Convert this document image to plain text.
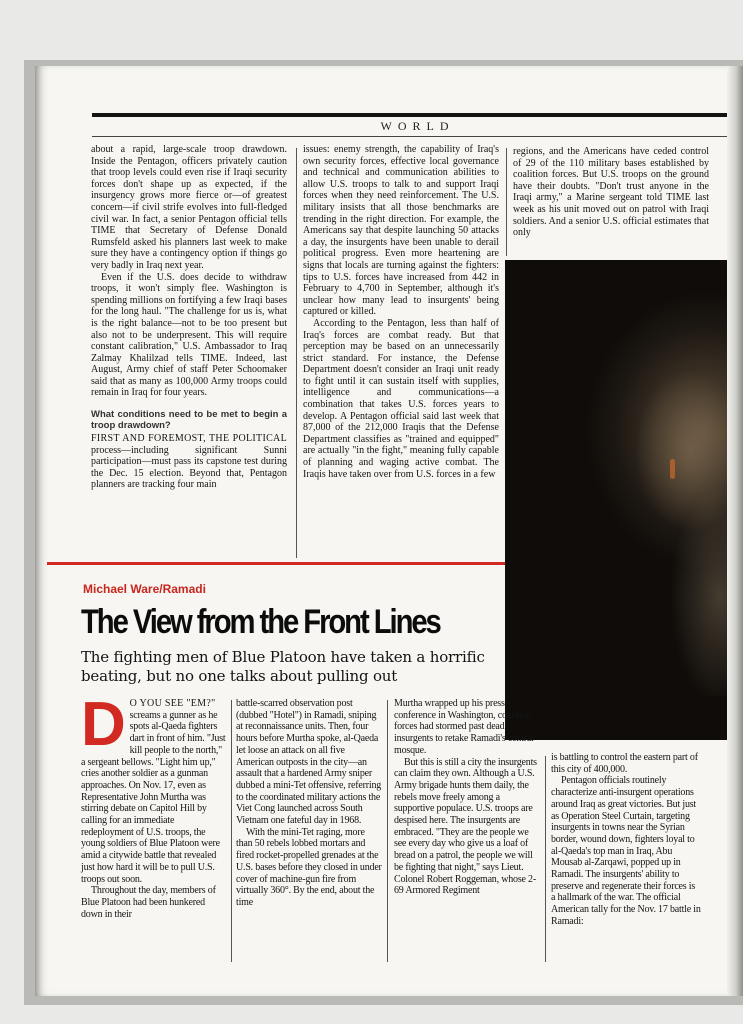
WORLD

about a rapid, large-scale troop drawdown. Inside the Pentagon, officers privately caution that troop levels could even rise if Iraqi security forces don't shape up as expected, if the insurgency grows more fierce or—of greatest concern—if civil strife evolves into full-fledged civil war. In fact, a senior Pentagon official tells TIME that Secretary of Defense Donald Rumsfeld asked his planners last week to make sure they have a contingency option if things go very badly in Iraq next year.

Even if the U.S. does decide to withdraw troops, it won't simply flee. Washington is spending millions on fortifying a few Iraqi bases for the long haul. "The challenge for us is, what is the right balance—not to be too present but also not to be underpresent. This will require constant calibration," U.S. Ambassador to Iraq Zalmay Khalilzad tells TIME. Indeed, last August, Army chief of staff Peter Schoomaker said that as many as 100,000 Army troops could remain in Iraq for four years.

What conditions need to be met to begin a troop drawdown?

FIRST AND FOREMOST, THE POLITICAL process—including significant Sunni participation—must pass its capstone test during the Dec. 15 election. Beyond that, Pentagon planners are tracking four main

issues: enemy strength, the capability of Iraq's own security forces, effective local governance and technical and communication abilities to allow U.S. troops to talk to and support Iraqi forces when they need reinforcement. The U.S. military insists that all those benchmarks are trending in the right direction. For example, the Americans say that despite launching 50 attacks a day, the insurgents have been unable to derail political progress. Even more heartening are signs that locals are turning against the fighters: tips to U.S. forces have increased from 442 in February to 4,700 in September, although it's unclear how many lead to insurgents' being captured or killed.

According to the Pentagon, less than half of Iraq's forces are combat ready. But that perception may be based on an unnecessarily strict standard. For instance, the Defense Department doesn't consider an Iraqi unit ready to fight until it can sustain itself with supplies, intelligence and communications—a combination that takes U.S. forces years to develop. A Pentagon official said last week that 87,000 of the 212,000 Iraqis that the Defense Department classifies as "trained and equipped" are actually "in the fight," meaning fully capable of planning and waging active combat. The Iraqis have taken over from U.S. forces in a few

regions, and the Americans have ceded control of 29 of the 110 military bases established by coalition forces. But U.S. troops on the ground have their doubts. "Don't trust anyone in the Iraqi army," a Marine sergeant told TIME last week as his unit moved out on patrol with Iraqi soldiers. And a senior U.S. official estimates that only

Michael Ware/Ramadi
The View from the Front Lines
The fighting men of Blue Platoon have taken a horrific beating, but no one talks about pulling out
D O YOU SEE "EM?" screams a gunner as he spots al-Qaeda fighters dart in front of him. "Just kill people to the north," a sergeant bellows. "Light him up," cries another soldier as a gunman approaches. On Nov. 17, even as Representative John Murtha was stirring debate on Capitol Hill by calling for an immediate redeployment of U.S. troops, the young soldiers of Blue Platoon were amid a citywide battle that revealed just how hard it will be to pull U.S. troops out soon.

Throughout the day, members of Blue Platoon had been hunkered down in their

battle-scarred observation post (dubbed "Hotel") in Ramadi, sniping at reconnaissance units. Then, four hours before Murtha spoke, al-Qaeda let loose an attack on all five American outposts in the city—an assault that a hardened Army sniper dubbed a mini-Tet offensive, referring to the coordinated military actions the Viet Cong launched across South Vietnam one fateful day in 1968.

With the mini-Tet raging, more than 50 rebels lobbed mortars and fired rocket-propelled grenades at the U.S. bases before they closed in under cover of machine-gun fire from virtually 360°. By the end, about the time

Murtha wrapped up his press conference in Washington, coalition forces had stormed past dead insurgents to retake Ramadi's central mosque.

But this is still a city the insurgents can claim they own. Although a U.S. Army brigade hunts them daily, the rebels move freely among a supportive populace. U.S. troops are despised here. The insurgents are embraced. "They are the people we see every day who give us a loaf of bread on a patrol, the people we will be fighting that night," says Lieut. Colonel Robert Roggeman, whose 2-69 Armored Regiment

is battling to control the eastern part of this city of 400,000.

Pentagon officials routinely characterize anti-insurgent operations around Iraq as great victories. But just as Operation Steel Curtain, targeting insurgents in towns near the Syrian border, wound down, fighters loyal to al-Qaeda's top man in Iraq, Abu Mousab al-Zarqawi, popped up in Ramadi. The insurgents' ability to preserve and regenerate their forces is a hallmark of the war. The official American tally for the Nov. 17 battle in Ramadi:
